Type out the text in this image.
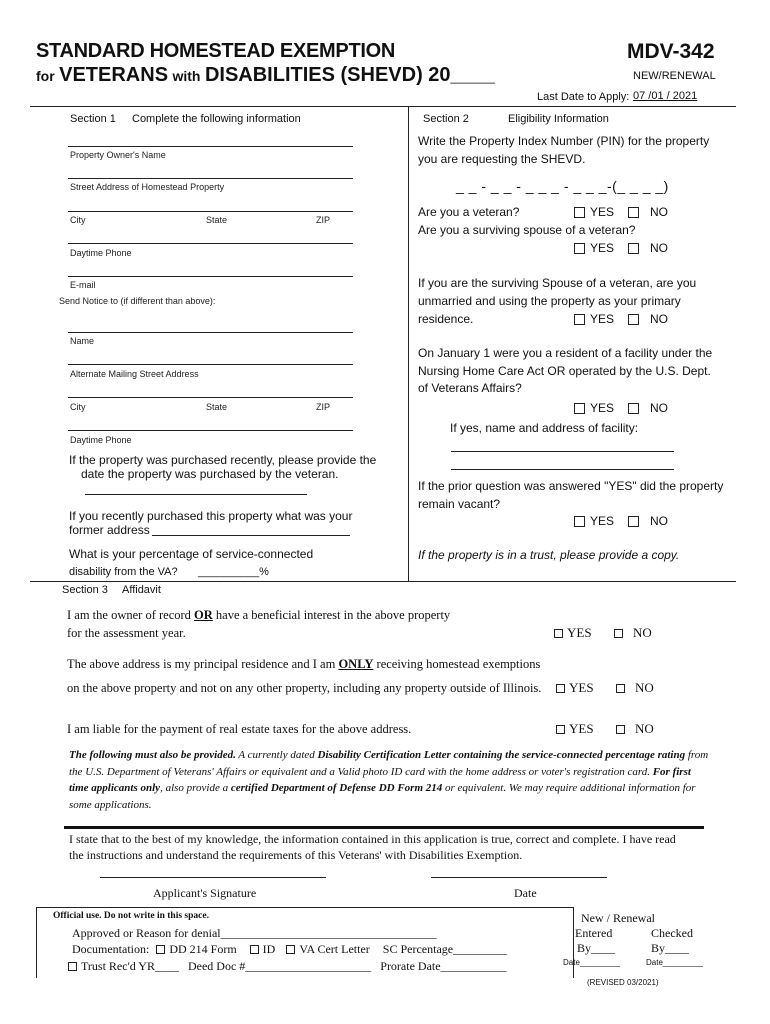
STANDARD HOMESTEAD EXEMPTION
for VETERANS with DISABILITIES (SHEVD) 20____
MDV-342
NEW/RENEWAL
Last Date to Apply: 07 /01 / 2021
Section 1 Complete the following information
Property Owner's Name
Street Address of Homestead Property
City	State	ZIP
Daytime Phone
E-mail
Send Notice to (if different than above):
Name
Alternate Mailing Street Address
City	State	ZIP
Daytime Phone
If the property was purchased recently, please provide the
date the property was purchased by the veteran.
If you recently purchased this property what was your
former address
What is your percentage of service-connected
disability from the VA? __________%
Section 2	Eligibility Information
Write the Property Index Number (PIN) for the property
you are requesting the SHEVD.
_ _ - _ _ - _ _ _ - _ _ _-(_ _ _ _)
Are you a veteran?	YES	NO
Are you a surviving spouse of a veteran?
YES	NO
If you are the surviving Spouse of a veteran, are you
unmarried and using the property as your primary
residence.	YES	NO
On January 1 were you a resident of a facility under the
Nursing Home Care Act OR operated by the U.S. Dept.
of Veterans Affairs?
YES	NO
If yes, name and address of facility:
If the prior question was answered "YES" did the property
remain vacant?
YES	NO
If the property is in a trust, please provide a copy.
Section 3 Affidavit
I am the owner of record OR have a beneficial interest in the above property
for the assessment year.	YES	NO
The above address is my principal residence and I am ONLY receiving homestead exemptions
on the above property and not on any other property, including any property outside of Illinois.	YES	NO
I am liable for the payment of real estate taxes for the above address.	YES	NO
The following must also be provided. A currently dated Disability Certification Letter containing the service-connected percentage rating from the U.S. Department of Veterans' Affairs or equivalent and a Valid photo ID card with the home address or voter's registration card. For first time applicants only, also provide a certified Department of Defense DD Form 214 or equivalent. We may require additional information for some applications.
I state that to the best of my knowledge, the information contained in this application is true, correct and complete. I have read
the instructions and understand the requirements of this Veterans' with Disabilities Exemption.
Applicant's Signature	Date
Official use. Do not write in this space.
Approved or Reason for denial____________________________________
Documentation: DD 214 Form ID VA Cert Letter SC Percentage_________
Trust Rec'd YR____ Deed Doc #_____________________ Prorate Date___________
New / Renewal
Entered	Checked
By____	By____
Date_________	Date_________
(REVISED 03/2021)
